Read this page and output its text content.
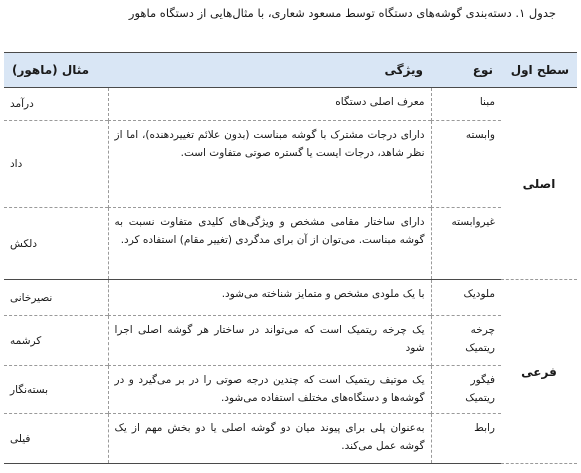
جدول ۱. دسته‌بندی گوشه‌های دستگاه توسط مسعود شعاری، با مثال‌هایی از دستگاه ماهور
سطح اول	نوع	ویژگی	مثال (ماهور)
اصلی	مبنا	معرف اصلی دستگاه	درآمد
	وابسته	دارای درجات مشترک با گوشه مبناست (بدون علائم تغییردهنده)، اما از نظر شاهد، درجات ایست یا گستره صوتی متفاوت است.	داد
	غیروابسته	دارای ساختار مقامی مشخص و ویژگی‌های کلیدی متفاوت نسبت به گوشه مبناست. می‌توان از آن برای مدگردی (تغییر مقام) استفاده کرد.	دلکش
فرعی	ملودیک	با یک ملودی مشخص و متمایز شناخته می‌شود.	نصیرخانی
	چرخه ریتمیک	یک چرخه ریتمیک است که می‌تواند در ساختار هر گوشه اصلی اجرا شود	کرشمه
	فیگور ریتمیک	یک موتیف ریتمیک است که چندین درجه صوتی را در بر می‌گیرد و در گوشه‌ها و دستگاه‌های مختلف استفاده می‌شود.	بسته‌نگار
	رابط	به‌عنوان پلی برای پیوند میان دو گوشه اصلی یا دو بخش مهم از یک گوشه عمل می‌کند.	فیلی
